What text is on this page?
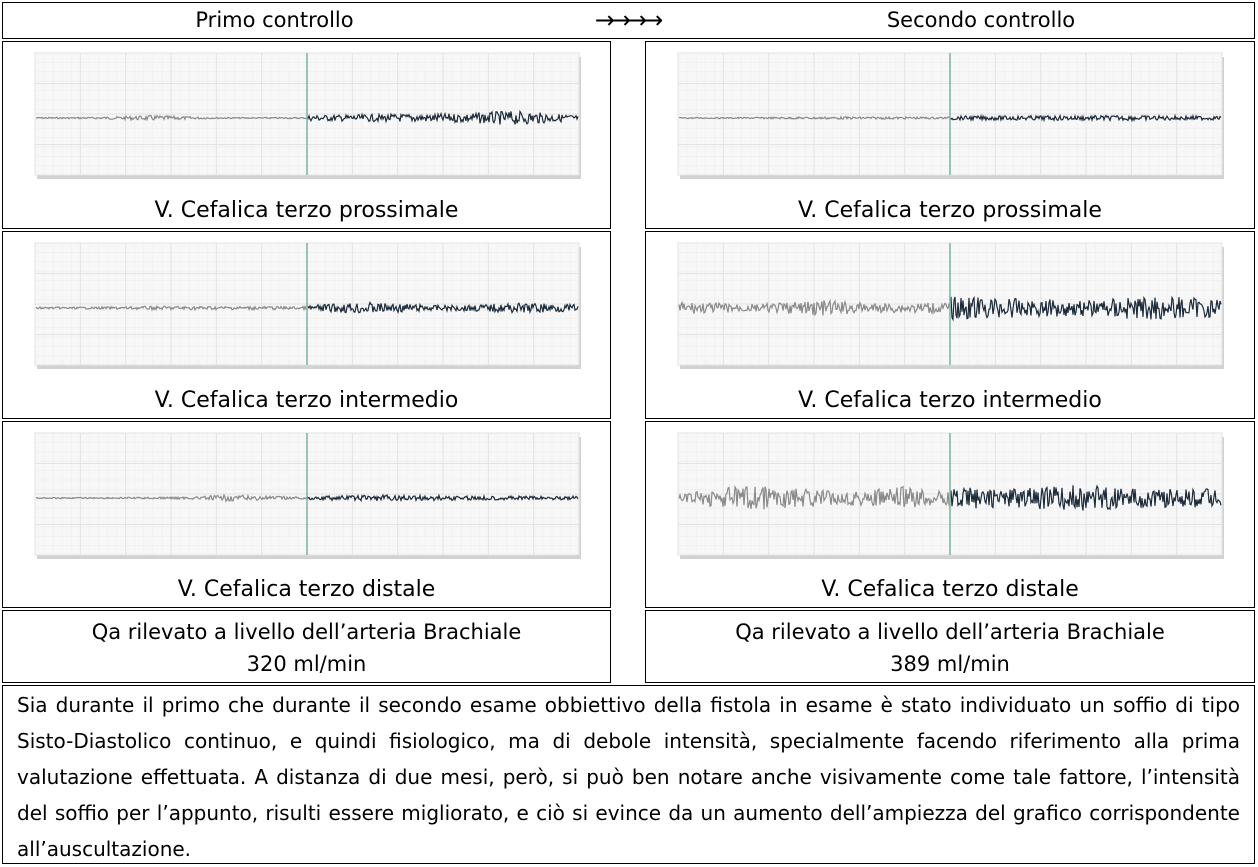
Primo controllo	→→→→	Secondo controllo
V. Cefalica terzo prossimale	V. Cefalica terzo prossimale
V. Cefalica terzo intermedio	V. Cefalica terzo intermedio
V. Cefalica terzo distale	V. Cefalica terzo distale
Qa rilevato a livello dell’arteria Brachiale
320 ml/min
Qa rilevato a livello dell’arteria Brachiale
389 ml/min
Sia durante il primo che durante il secondo esame obbiettivo della fistola in esame è stato individuato un soffio di tipo Sisto-Diastolico continuo, e quindi fisiologico, ma di debole intensità, specialmente facendo riferimento alla prima valutazione effettuata. A distanza di due mesi, però, si può ben notare anche visivamente come tale fattore, l’intensità del soffio per l’appunto, risulti essere migliorato, e ciò si evince da un aumento dell’ampiezza del grafico corrispondente all’auscultazione.
